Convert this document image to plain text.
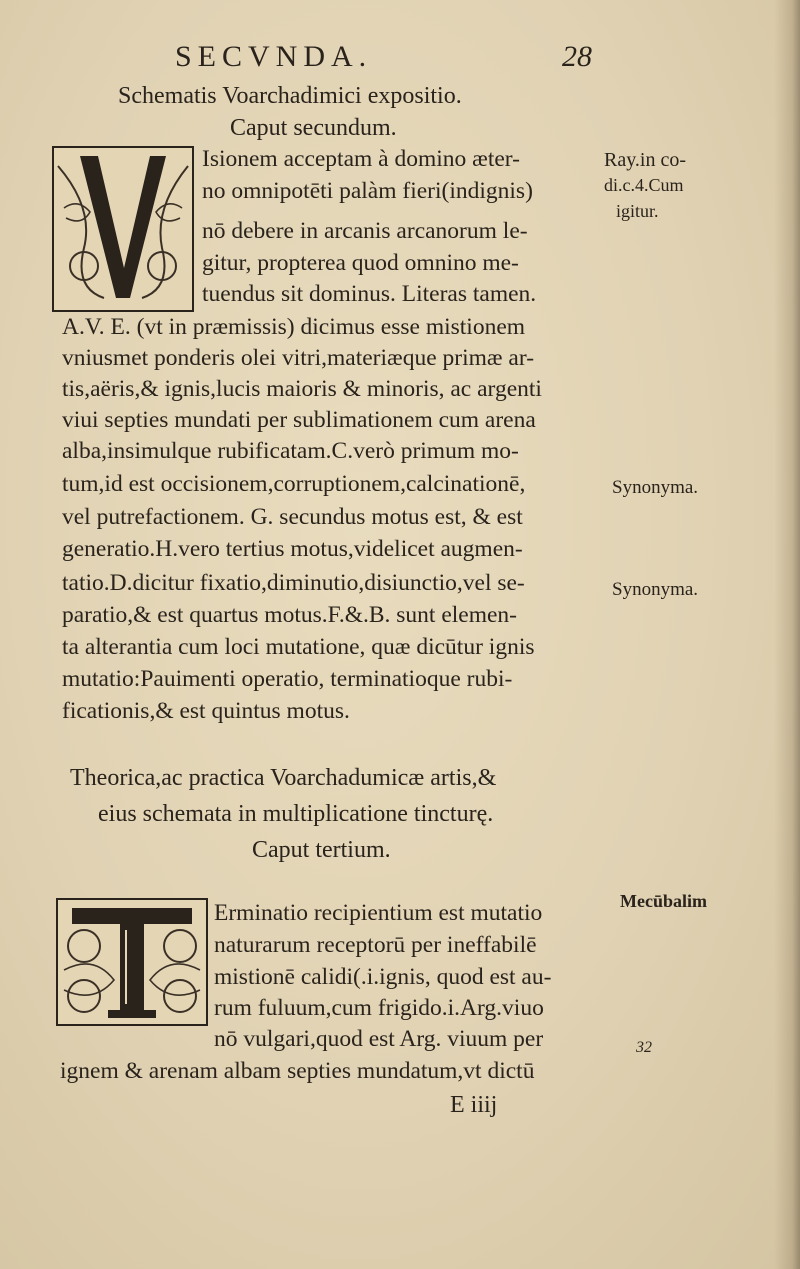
SECVNDA.	28
Schematis Voarchadimici expositio.
Caput secundum.
Isionem acceptam à domino æter-
no omnipotēti palàm fieri(indignis)
nō debere in arcanis arcanorum le-
gitur, propterea quod omnino me-
tuendus sit dominus. Literas tamen.
A.V. E. (vt in præmissis) dicimus esse mistionem
vniusmet ponderis olei vitri,materiæque primæ ar-
tis,aëris,& ignis,lucis maioris & minoris, ac argenti
viui septies mundati per sublimationem cum arena
alba,insimulque rubificatam.C.verò primum mo-
tum,id est occisionem,corruptionem,calcinationē,
vel putrefactionem. G. secundus motus est, & est
generatio.H.vero tertius motus,videlicet augmen-
tatio.D.dicitur fixatio,diminutio,disiunctio,vel se-
paratio,& est quartus motus.F.&.B. sunt elemen-
ta alterantia cum loci mutatione, quæ dicūtur ignis
mutatio:Pauimenti operatio, terminatioque rubi-
ficationis,& est quintus motus.
Theorica,ac practica Voarchadumicæ artis,&
eius schemata in multiplicatione tincturę.
Caput tertium.
Erminatio recipientium est mutatio
naturarum receptorū per ineffabilē
mistionē calidi(.i.ignis, quod est au-
rum fuluum,cum frigido.i.Arg.viuo
nō vulgari,quod est Arg. viuum per
ignem & arenam albam septies mundatum,vt dictū
E iiij
Ray.in co-
di.c.4.Cum
igitur.
Synonyma.
Synonyma.
Mecūbalim
32
